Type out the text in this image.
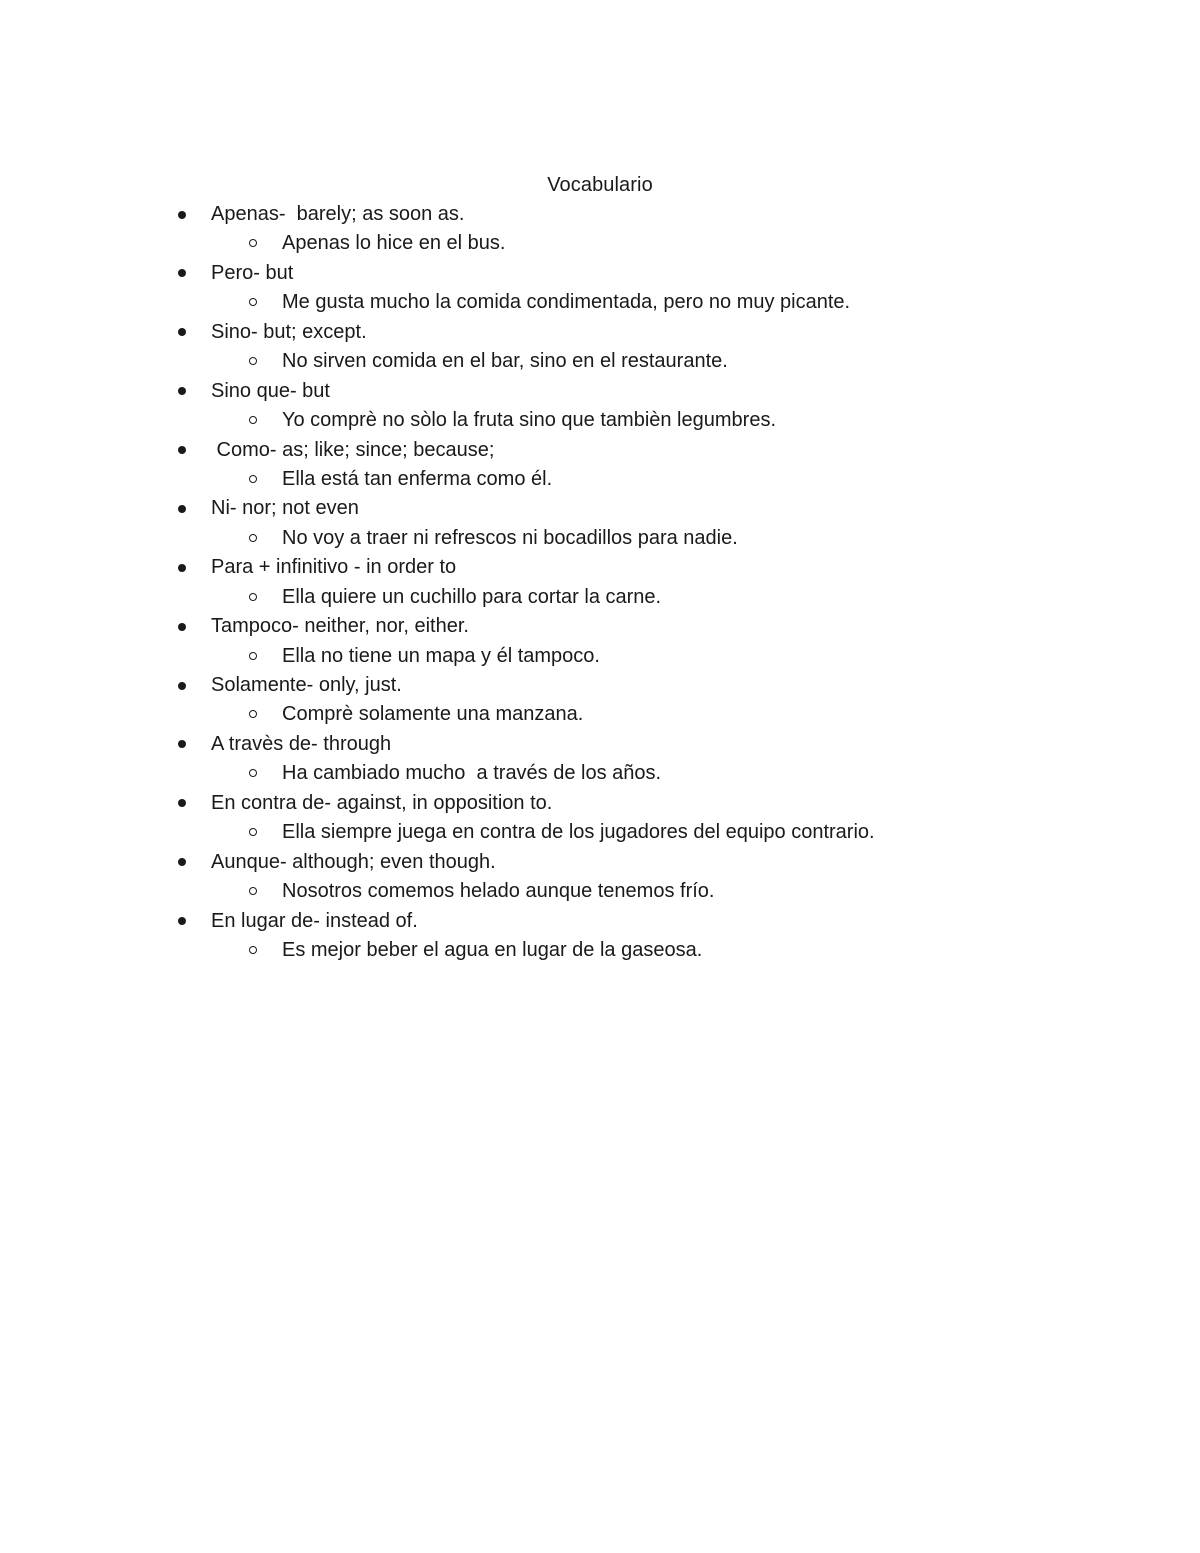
Vocabulario

Apenas-  barely; as soon as.

Apenas lo hice en el bus.

Pero- but

Me gusta mucho la comida condimentada, pero no muy picante.

Sino- but; except.

No sirven comida en el bar, sino en el restaurante.

Sino que- but

Yo comprè no sòlo la fruta sino que tambièn legumbres.

Como- as; like; since; because;

Ella está tan enferma como él.

Ni- nor; not even

No voy a traer ni refrescos ni bocadillos para nadie.

Para + infinitivo - in order to

Ella quiere un cuchillo para cortar la carne.

Tampoco- neither, nor, either.

Ella no tiene un mapa y él tampoco.

Solamente- only, just.

Comprè solamente una manzana.

A travès de- through

Ha cambiado mucho  a través de los años.

En contra de- against, in opposition to.

Ella siempre juega en contra de los jugadores del equipo contrario.

Aunque- although; even though.

Nosotros comemos helado aunque tenemos frío.

En lugar de- instead of.

Es mejor beber el agua en lugar de la gaseosa.
